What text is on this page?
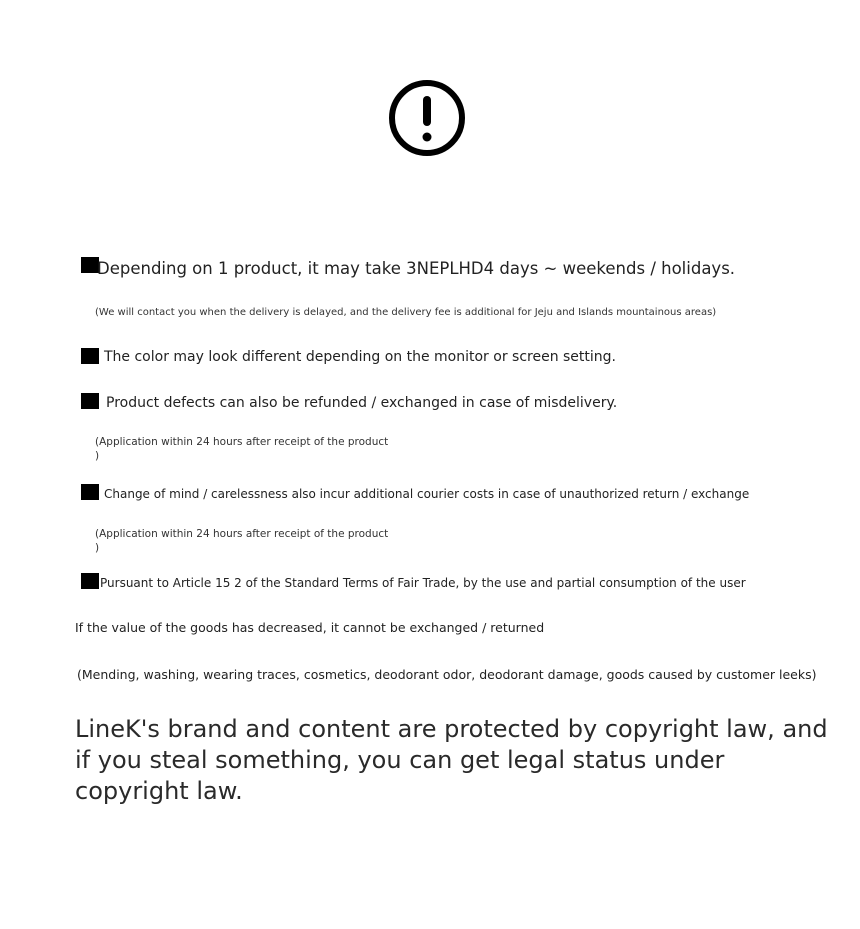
Depending on 1 product, it may take 3NEPLHD4 days ~ weekends / holidays.
(We will contact you when the delivery is delayed, and the delivery fee is additional for Jeju and Islands mountainous areas)
The color may look different depending on the monitor or screen setting.
Product defects can also be refunded / exchanged in case of misdelivery.
(Application within 24 hours after receipt of the product
)
Change of mind / carelessness also incur additional courier costs in case of unauthorized return / exchange
(Application within 24 hours after receipt of the product
)
Pursuant to Article 15 2 of the Standard Terms of Fair Trade, by the use and partial consumption of the user
If the value of the goods has decreased, it cannot be exchanged / returned
(Mending, washing, wearing traces, cosmetics, deodorant odor, deodorant damage, goods caused by customer leeks)
LineK's brand and content are protected by copyright law, and if you steal something, you can get legal status under copyright law.
